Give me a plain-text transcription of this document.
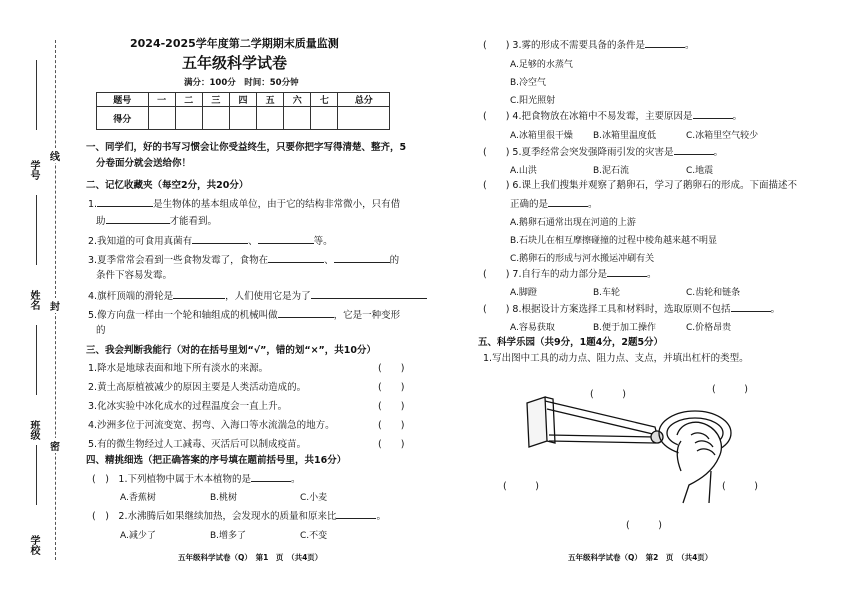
学号
姓名
班级
学校
线
封
密
2024-2025学年度第二学期期末质量监测
五年级科学试卷
满分：100分　时间：50分钟
题号	一	二	三	四	五	六	七	总分
得分								
一、同学们，好的书写习惯会让你受益终生，只要你把字写得清楚、整齐，5
分卷面分就会送给你！
二、记忆收藏夹（每空2分，共20分）
1.	是生物体的基本组成单位，由于它的结构非常微小，只有借
助	才能看到。
2.我知道的可食用真菌有	、	等。
3.夏季常常会看到一些食物发霉了，食物在	、	的
条件下容易发霉。
4.旗杆顶端的滑轮是	，人们使用它是为了
5.像方向盘一样由一个轮和轴组成的机械叫做	，它是一种变形
的
三、我会判断我能行（对的在括号里划“√”，错的划“×”，共10分）
1.降水是地球表面和地下所有淡水的来源。	(　　)
2.黄土高原植被减少的原因主要是人类活动造成的。	(　　)
3.化冰实验中冰化成水的过程温度会一直上升。	(　　)
4.沙洲多位于河流变宽、拐弯、入海口等水流湍急的地方。	(　　)
5.有的微生物经过人工减毒、灭活后可以制成疫苗。	(　　)
四、精挑细选（把正确答案的序号填在题前括号里，共16分）
(　)　1.下列植物中属于木本植物的是	。
A.香蕉树	B.桃树	C.小麦
(　)　2.水沸腾后如果继续加热，会发现水的质量和原来比	。
A.减少了	B.增多了	C.不变
五年级科学试卷（Q）　第1　页　（共4页）
(　　) 3.雾的形成不需要具备的条件是	。
A.足够的水蒸气
B.冷空气
C.阳光照射
(　　) 4.把食物放在冰箱中不易发霉，主要原因是	。
A.冰箱里很干燥 B.冰箱里温度低	C.冰箱里空气较少
(　　) 5.夏季经常会突发强降雨引发的灾害是	。
A.山洪	B.泥石流	C.地震
(　　) 6.课上我们搜集并观察了鹅卵石，学习了鹅卵石的形成。下面描述不
正确的是	。
A.鹅卵石通常出现在河道的上游
B.石块儿在相互摩擦碰撞的过程中棱角越来越不明显
C.鹅卵石的形成与河水搬运冲刷有关
(　　) 7.自行车的动力部分是	。
A.脚蹬	B.车轮	C.齿轮和链条
(　　) 8.根据设计方案选择工具和材料时，选取原则不包括	。
A.容易获取	B.便于加工操作	C.价格昂贵
五、科学乐园（共9分，1题4分，2题5分）
1.写出图中工具的动力点、阻力点、支点，并填出杠杆的类型。
(　　　)	(　　　)
(　　　)	(　　　)
(　　　)
五年级科学试卷（Q）　第2　页　（共4页）
